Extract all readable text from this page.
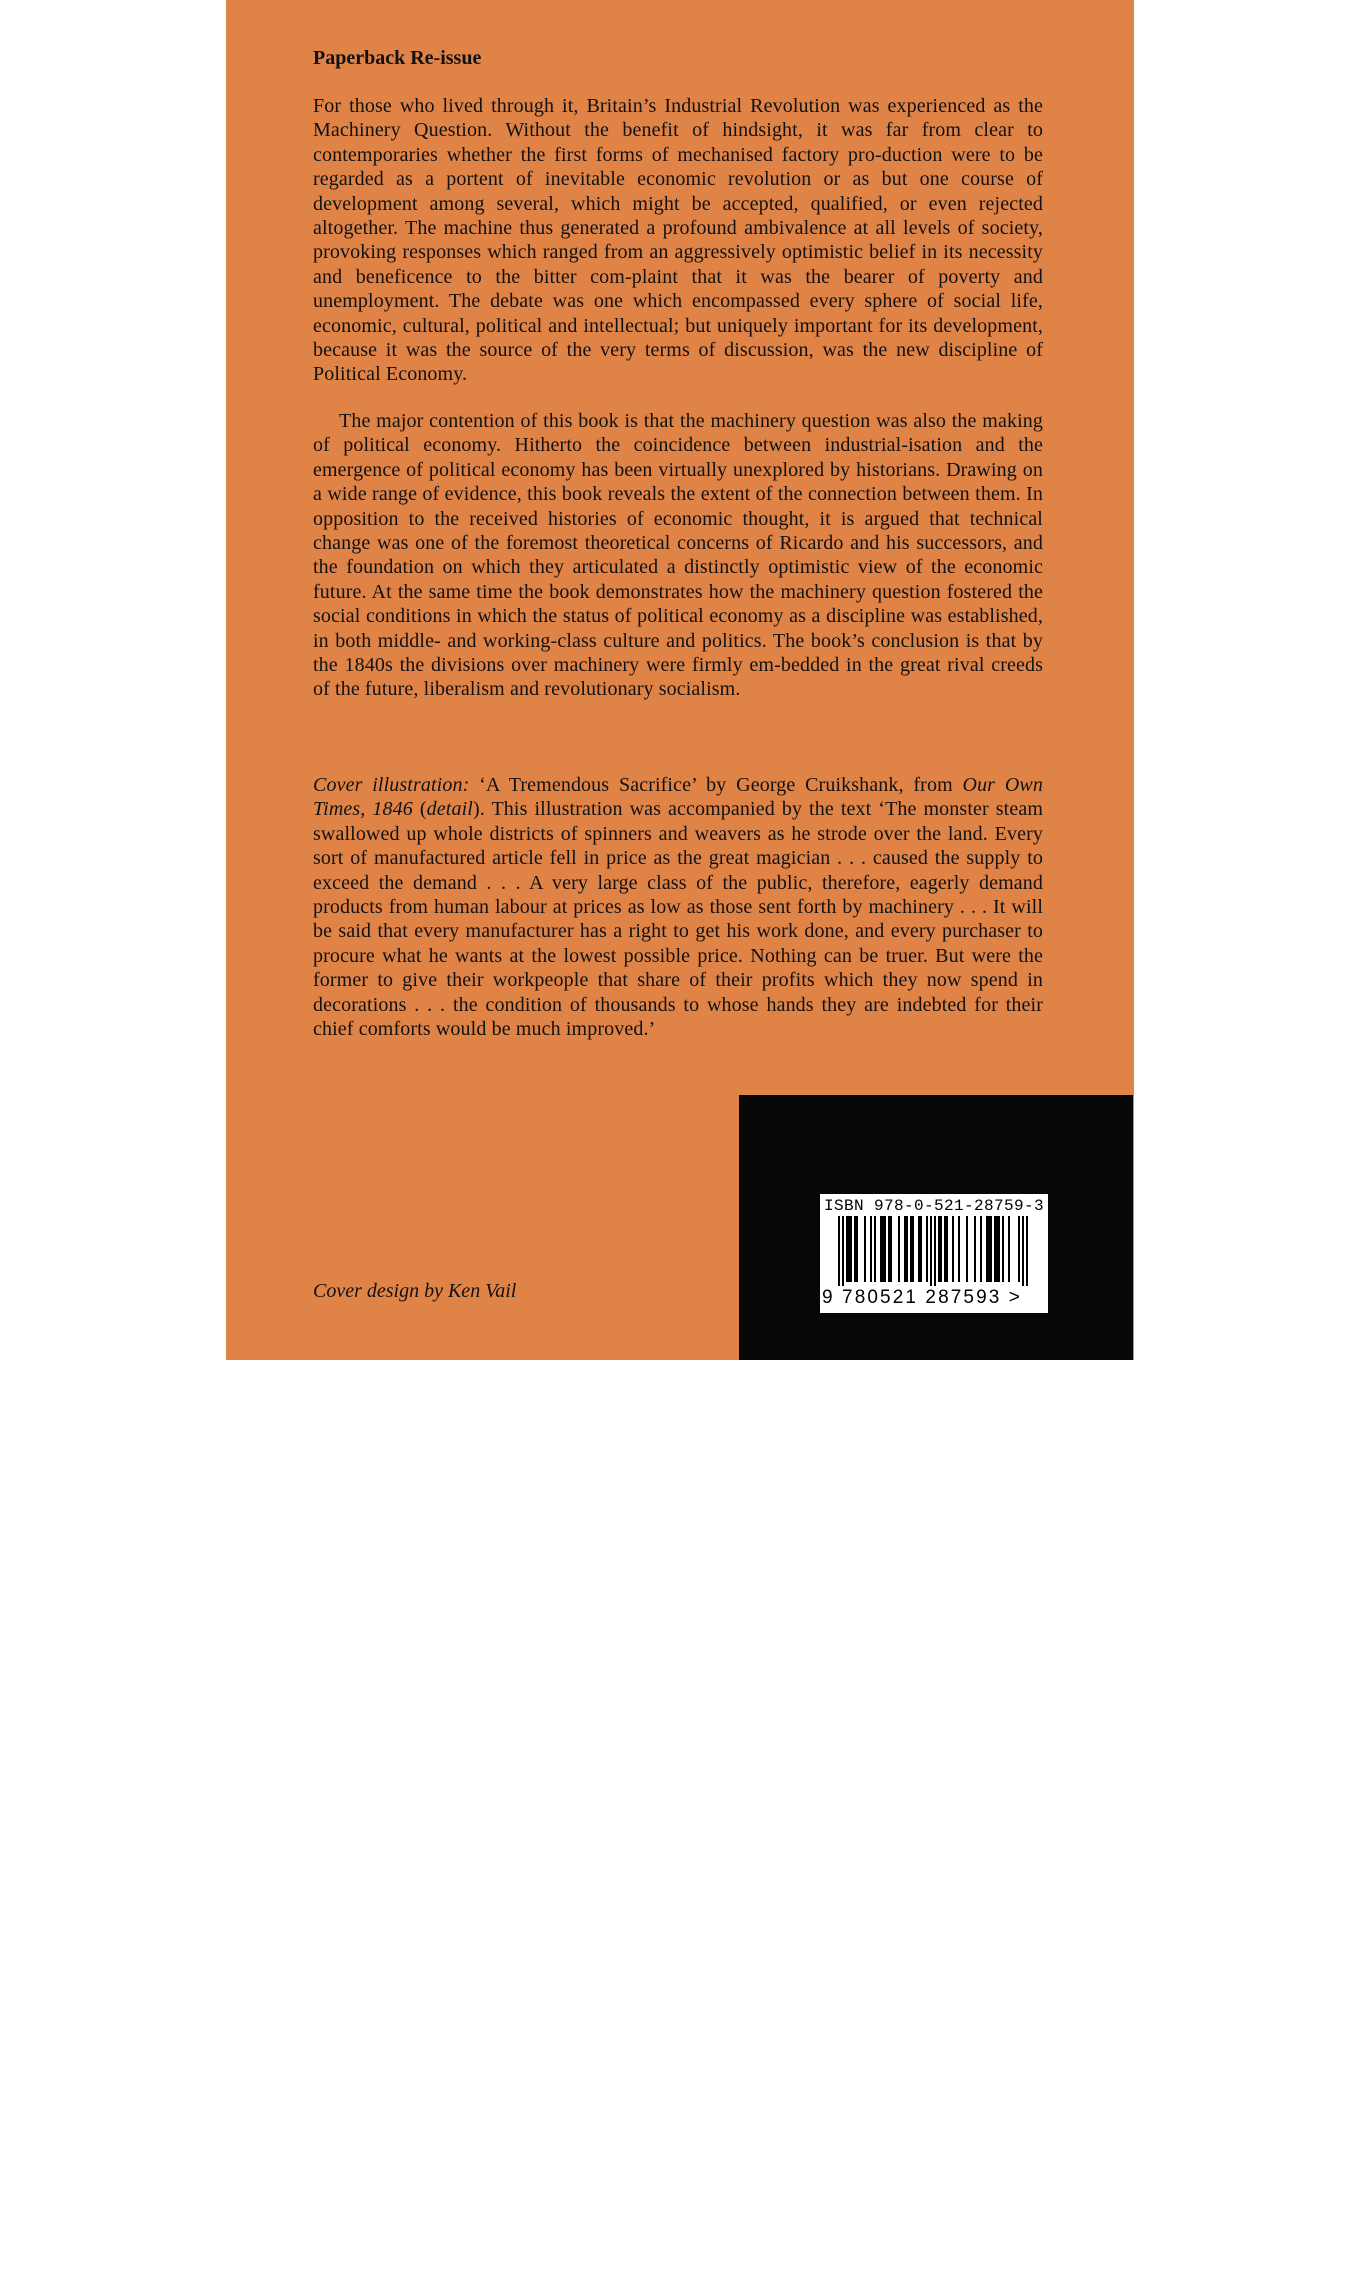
Paperback Re-issue

For those who lived through it, Britain’s Industrial Revolution was experienced as the Machinery Question. Without the benefit of hindsight, it was far from clear to contemporaries whether the first forms of mechanised factory pro-duction were to be regarded as a portent of inevitable economic revolution or as but one course of development among several, which might be accepted, qualified, or even rejected altogether. The machine thus generated a profound ambivalence at all levels of society, provoking responses which ranged from an aggressively optimistic belief in its necessity and beneficence to the bitter com-plaint that it was the bearer of poverty and unemployment. The debate was one which encompassed every sphere of social life, economic, cultural, political and intellectual; but uniquely important for its development, because it was the source of the very terms of discussion, was the new discipline of Political Economy.

The major contention of this book is that the machinery question was also the making of political economy. Hitherto the coincidence between industrial-isation and the emergence of political economy has been virtually unexplored by historians. Drawing on a wide range of evidence, this book reveals the extent of the connection between them. In opposition to the received histories of economic thought, it is argued that technical change was one of the foremost theoretical concerns of Ricardo and his successors, and the foundation on which they articulated a distinctly optimistic view of the economic future. At the same time the book demonstrates how the machinery question fostered the social conditions in which the status of political economy as a discipline was established, in both middle- and working-class culture and politics. The book’s conclusion is that by the 1840s the divisions over machinery were firmly em-bedded in the great rival creeds of the future, liberalism and revolutionary socialism.

Cover illustration: ‘A Tremendous Sacrifice’ by George Cruikshank, from Our Own Times, 1846 (detail). This illustration was accompanied by the text ‘The monster steam swallowed up whole districts of spinners and weavers as he strode over the land. Every sort of manufactured article fell in price as the great magician . . . caused the supply to exceed the demand . . . A very large class of the public, therefore, eagerly demand products from human labour at prices as low as those sent forth by machinery . . . It will be said that every manufacturer has a right to get his work done, and every purchaser to procure what he wants at the lowest possible price. Nothing can be truer. But were the former to give their workpeople that share of their profits which they now spend in decorations . . . the condition of thousands to whose hands they are indebted for their chief comforts would be much improved.’

Cover design by Ken Vail
CAMBRIDGE
UNIVERSITY PRESS
www.cambridge.org
ISBN 978-0-521-28759-3
9 780521 287593 >
